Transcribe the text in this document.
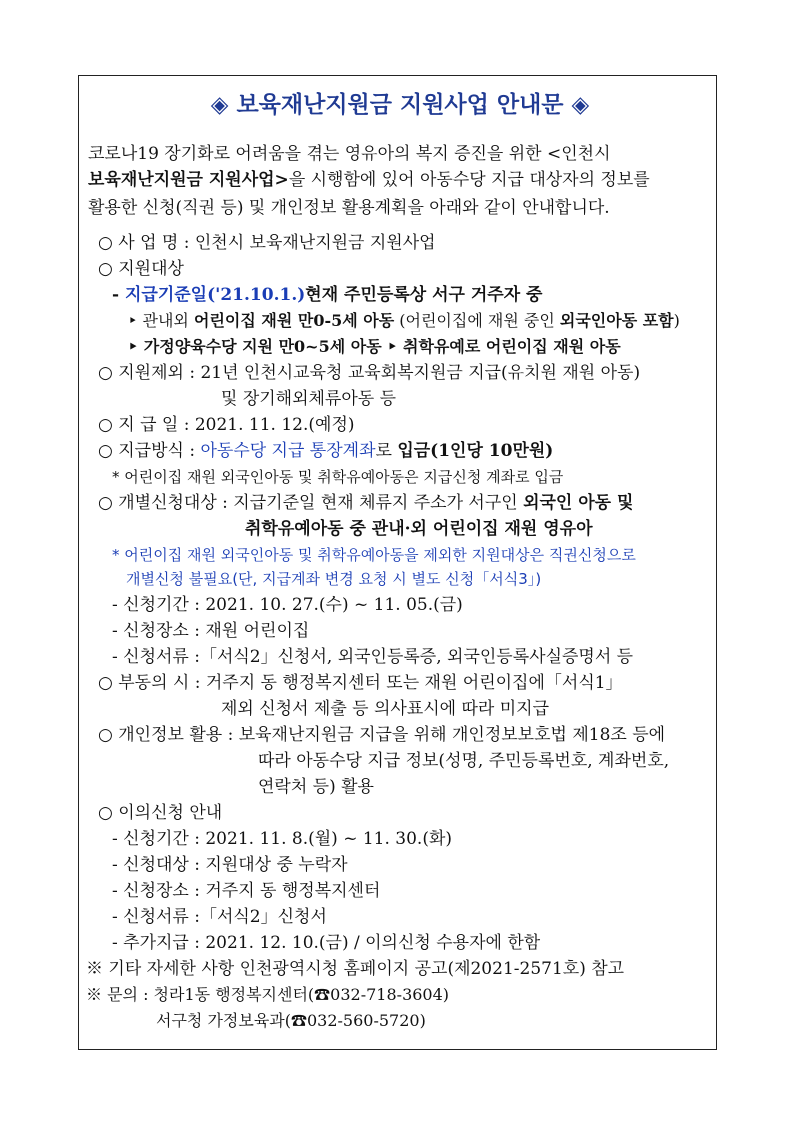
◈ 보육재난지원금 지원사업 안내문 ◈
코로나19 장기화로 어려움을 겪는 영유아의 복지 증진을 위한 <인천시
보육재난지원금 지원사업>을 시행함에 있어 아동수당 지급 대상자의 정보를
활용한 신청(직권 등) 및 개인정보 활용계획을 아래와 같이 안내합니다.
○ 사 업 명 : 인천시 보육재난지원금 지원사업
○ 지원대상
- 지급기준일('21.10.1.)현재 주민등록상 서구 거주자 중
‣ 관내외 어린이집 재원 만0-5세 아동 (어린이집에 재원 중인 외국인아동 포함)
‣ 가정양육수당 지원 만0~5세 아동 ‣ 취학유예로 어린이집 재원 아동
○ 지원제외 : 21년 인천시교육청 교육회복지원금 지급(유치원 재원 아동)
및 장기해외체류아동 등
○ 지 급 일 : 2021. 11. 12.(예정)
○ 지급방식 : 아동수당 지급 통장계좌로 입금(1인당 10만원)
* 어린이집 재원 외국인아동 및 취학유예아동은 지급신청 계좌로 입금
○ 개별신청대상 : 지급기준일 현재 체류지 주소가 서구인 외국인 아동 및
취학유예아동 중 관내·외 어린이집 재원 영유아
* 어린이집 재원 외국인아동 및 취학유예아동을 제외한 지원대상은 직권신청으로
개별신청 불필요(단, 지급계좌 변경 요청 시 별도 신청「서식3」)
- 신청기간 : 2021. 10. 27.(수) ~ 11. 05.(금)
- 신청장소 : 재원 어린이집
- 신청서류 :「서식2」신청서, 외국인등록증, 외국인등록사실증명서 등
○ 부동의 시 : 거주지 동 행정복지센터 또는 재원 어린이집에「서식1」
제외 신청서 제출 등 의사표시에 따라 미지급
○ 개인정보 활용 : 보육재난지원금 지급을 위해 개인정보보호법 제18조 등에
따라 아동수당 지급 정보(성명, 주민등록번호, 계좌번호,
연락처 등) 활용
○ 이의신청 안내
- 신청기간 : 2021. 11. 8.(월) ~ 11. 30.(화)
- 신청대상 : 지원대상 중 누락자
- 신청장소 : 거주지 동 행정복지센터
- 신청서류 :「서식2」신청서
- 추가지급 : 2021. 12. 10.(금) / 이의신청 수용자에 한함
※ 기타 자세한 사항 인천광역시청 홈페이지 공고(제2021-2571호) 참고
※ 문의 : 청라1동 행정복지센터(☎032-718-3604)
서구청 가정보육과(☎032-560-5720)
